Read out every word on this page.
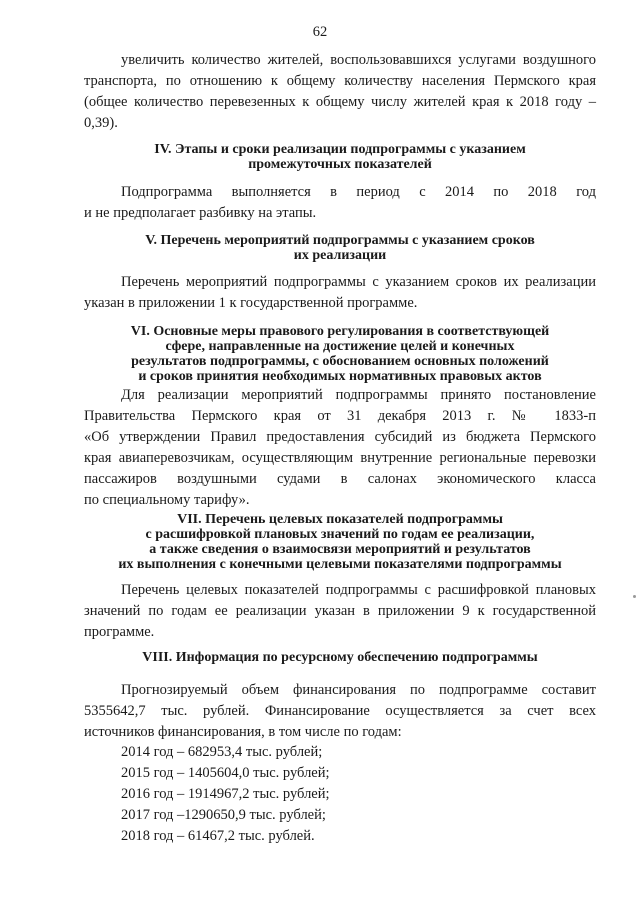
62
увеличить количество жителей, воспользовавшихся услугами воздушного
транспорта, по отношению к общему количеству населения Пермского края
(общее количество перевезенных к общему числу жителей края к 2018 году –
0,39).
IV. Этапы и сроки реализации подпрограммы с указанием
промежуточных показателей
Подпрограмма выполняется в период с 2014 по 2018 год
и не предполагает разбивку на этапы.
V. Перечень мероприятий подпрограммы с указанием сроков
их реализации
Перечень мероприятий подпрограммы с указанием сроков их реализации
указан в приложении 1 к государственной программе.
VI. Основные меры правового регулирования в соответствующей
сфере, направленные на достижение целей и конечных
результатов подпрограммы, с обоснованием основных положений
и сроков принятия необходимых нормативных правовых актов
Для реализации мероприятий подпрограммы принято постановление
Правительства Пермского края от 31 декабря 2013 г. № 1833-п
«Об утверждении Правил предоставления субсидий из бюджета Пермского
края авиаперевозчикам, осуществляющим внутренние региональные перевозки
пассажиров воздушными судами в салонах экономического класса
по специальному тарифу».
VII. Перечень целевых показателей подпрограммы
с расшифровкой плановых значений по годам ее реализации,
а также сведения о взаимосвязи мероприятий и результатов
их выполнения с конечными целевыми показателями подпрограммы
Перечень целевых показателей подпрограммы с расшифровкой плановых
значений по годам ее реализации указан в приложении 9 к государственной
программе.
VIII. Информация по ресурсному обеспечению подпрограммы
Прогнозируемый объем финансирования по подпрограмме составит
5355642,7 тыс. рублей. Финансирование осуществляется за счет всех
источников финансирования, в том числе по годам:
2014 год – 682953,4 тыс. рублей;
2015 год – 1405604,0 тыс. рублей;
2016 год – 1914967,2 тыс. рублей;
2017 год –1290650,9 тыс. рублей;
2018 год – 61467,2 тыс. рублей.
